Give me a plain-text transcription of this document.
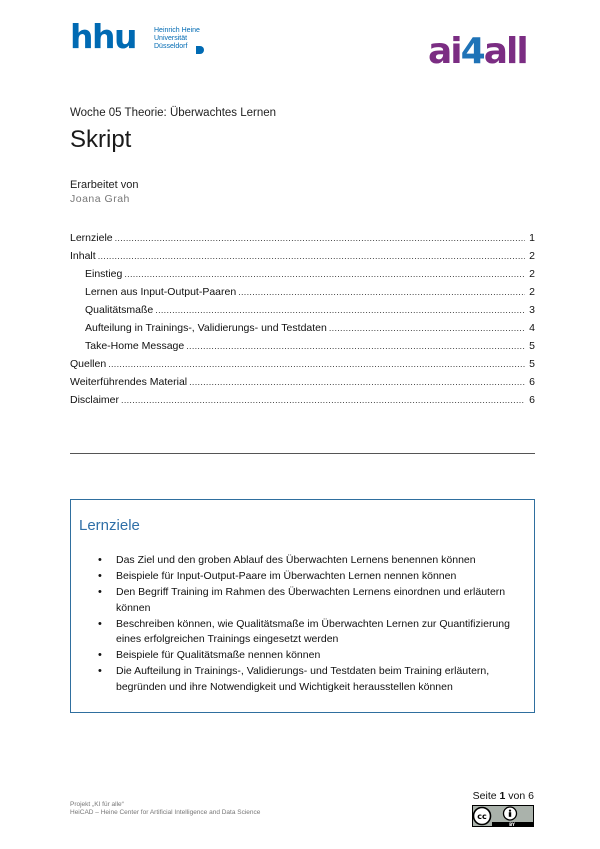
hhu	Heinrich Heine
Universität
Düsseldorf	ai4all
Woche 05 Theorie: Überwachtes Lernen
Skript
Erarbeitet von
Joana Grah
Lernziele . . .	1
Inhalt . . .	2
Einstieg . . .	2
Lernen aus Input-Output-Paaren . . .	2
Qualitätsmaße . . .	3
Aufteilung in Trainings-, Validierungs- und Testdaten . . .	4
Take-Home Message . . .	5
Quellen . . .	5
Weiterführendes Material . . .	6
Disclaimer . . .	6
Lernziele
• Das Ziel und den groben Ablauf des Überwachten Lernens benennen können
• Beispiele für Input-Output-Paare im Überwachten Lernen nennen können
• Den Begriff Training im Rahmen des Überwachten Lernens einordnen und erläutern können
• Beschreiben können, wie Qualitätsmaße im Überwachten Lernen zur Quantifizierung eines erfolgreichen Trainings eingesetzt werden
• Beispiele für Qualitätsmaße nennen können
• Die Aufteilung in Trainings-, Validierungs- und Testdaten beim Training erläutern, begründen und ihre Notwendigkeit und Wichtigkeit herausstellen können
Projekt „KI für alle“
HeiCAD – Heine Center for Artificial Intelligence and Data Science
Seite 1 von 6
cc
BY
